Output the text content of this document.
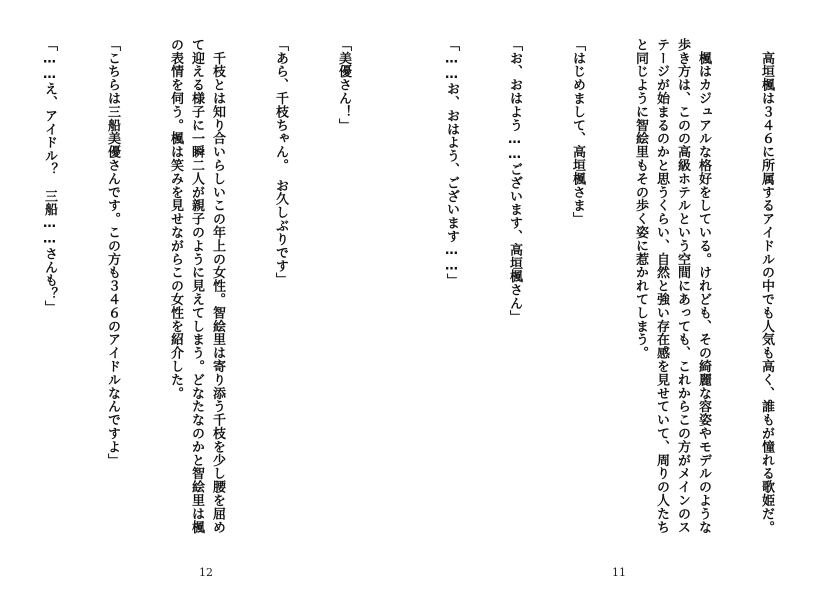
「美優さん！」

「あら、千枝ちゃん。　お久しぶりです」

　千枝とは知り合いらしいこの年上の女性。智絵里は寄り添う千枝を少し腰を屈めて迎える様子に一瞬二人が親子のように見えてしまう。どなたなのかと智絵里は楓の表情を伺う。楓は笑みを見せながらこの女性を紹介した。

「こちらは三船美優さんです。この方も３４６のアイドルなんですよ」

「……え、アイドル？　三船……さんも？」

12

　高垣楓は３４６に所属するアイドルの中でも人気も高く、誰もが憧れる歌姫だ。

　楓はカジュアルな格好をしている。けれども、その綺麗な容姿やモデルのような歩き方は、このの高級ホテルという空間にあっても、これからこの方がメインのステージが始まるのかと思うくらい、自然と強い存在感を見せていて、周りの人たちと同じように智絵里もその歩く姿に惹かれてしまう。

「はじめまして、高垣楓さま」

「お、おはよう……ございます、高垣楓さん」

「……お、おはよう、ございます……」

11
